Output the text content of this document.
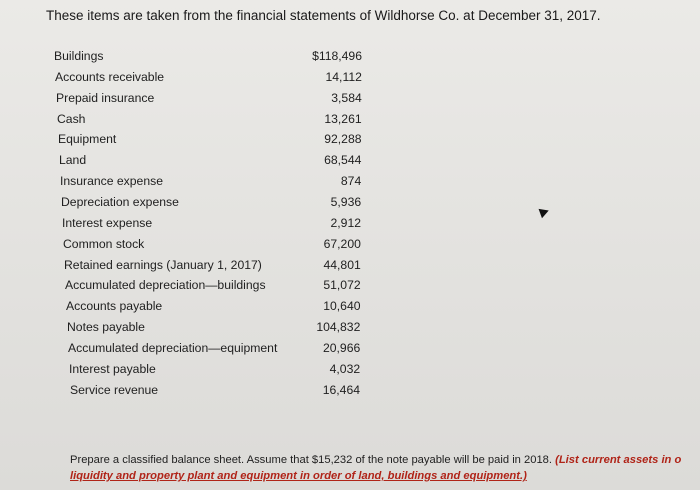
These items are taken from the financial statements of Wildhorse Co. at December 31, 2017.
Buildings	$118,496
Accounts receivable	14,112
Prepaid insurance	3,584
Cash	13,261
Equipment	92,288
Land	68,544
Insurance expense	874
Depreciation expense	5,936
Interest expense	2,912
Common stock	67,200
Retained earnings (January 1, 2017)	44,801
Accumulated depreciation—buildings	51,072
Accounts payable	10,640
Notes payable	104,832
Accumulated depreciation—equipment	20,966
Interest payable	4,032
Service revenue	16,464
Prepare a classified balance sheet. Assume that $15,232 of the note payable will be paid in 2018. (List current assets in o
liquidity and property plant and equipment in order of land, buildings and equipment.)
